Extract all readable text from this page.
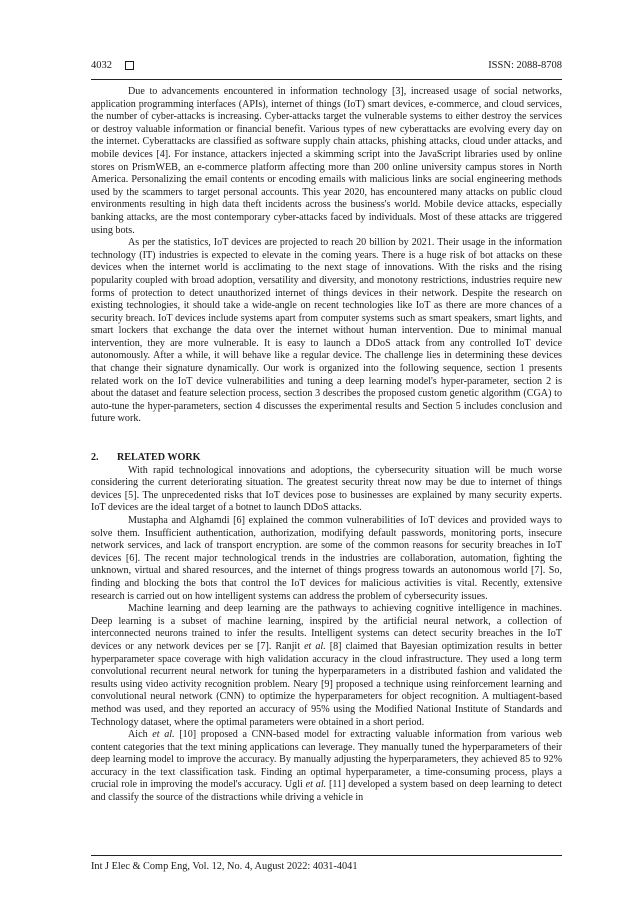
4032	ISSN: 2088-8708

Due to advancements encountered in information technology [3], increased usage of social networks, application programming interfaces (APIs), internet of things (IoT) smart devices, e-commerce, and cloud services, the number of cyber-attacks is increasing. Cyber-attacks target the vulnerable systems to either destroy the services or destroy valuable information or financial benefit. Various types of new cyberattacks are evolving every day on the internet. Cyberattacks are classified as software supply chain attacks, phishing attacks, cloud under attacks, and mobile devices [4]. For instance, attackers injected a skimming script into the JavaScript libraries used by online stores on PrismWEB, an e-commerce platform affecting more than 200 online university campus stores in North America. Personalizing the email contents or encoding emails with malicious links are social engineering methods used by the scammers to target personal accounts. This year 2020, has encountered many attacks on public cloud environments resulting in high data theft incidents across the business's world. Mobile device attacks, especially banking attacks, are the most contemporary cyber-attacks faced by individuals. Most of these attacks are triggered using bots.

As per the statistics, IoT devices are projected to reach 20 billion by 2021. Their usage in the information technology (IT) industries is expected to elevate in the coming years. There is a huge risk of bot attacks on these devices when the internet world is acclimating to the next stage of innovations. With the risks and the rising popularity coupled with broad adoption, versatility and diversity, and monotony restrictions, industries require new forms of protection to detect unauthorized internet of things devices in their network. Despite the research on existing technologies, it should take a wide-angle on recent technologies like IoT as there are more chances of a security breach. IoT devices include systems apart from computer systems such as smart speakers, smart lights, and smart lockers that exchange the data over the internet without human intervention. Due to minimal manual intervention, they are more vulnerable. It is easy to launch a DDoS attack from any controlled IoT device autonomously. After a while, it will behave like a regular device. The challenge lies in determining these devices that change their signature dynamically. Our work is organized into the following sequence, section 1 presents related work on the IoT device vulnerabilities and tuning a deep learning model's hyper-parameter, section 2 is about the dataset and feature selection process, section 3 describes the proposed custom genetic algorithm (CGA) to auto-tune the hyper-parameters, section 4 discusses the experimental results and Section 5 includes conclusion and future work.

2. RELATED WORK

With rapid technological innovations and adoptions, the cybersecurity situation will be much worse considering the current deteriorating situation. The greatest security threat now may be due to internet of things devices [5]. The unprecedented risks that IoT devices pose to businesses are explained by many security experts. IoT devices are the ideal target of a botnet to launch DDoS attacks.

Mustapha and Alghamdi [6] explained the common vulnerabilities of IoT devices and provided ways to solve them. Insufficient authentication, authorization, modifying default passwords, monitoring ports, insecure network services, and lack of transport encryption. are some of the common reasons for security breaches in IoT devices [6]. The recent major technological trends in the industries are collaboration, automation, fighting the unknown, virtual and shared resources, and the internet of things progress towards an autonomous world [7]. So, finding and blocking the bots that control the IoT devices for malicious activities is vital. Recently, extensive research is carried out on how intelligent systems can address the problem of cybersecurity issues.

Machine learning and deep learning are the pathways to achieving cognitive intelligence in machines. Deep learning is a subset of machine learning, inspired by the artificial neural network, a collection of interconnected neurons trained to infer the results. Intelligent systems can detect security breaches in the IoT devices or any network devices per se [7]. Ranjit et al. [8] claimed that Bayesian optimization results in better hyperparameter space coverage with high validation accuracy in the cloud infrastructure. They used a long term convolutional recurrent neural network for tuning the hyperparameters in a distributed fashion and validated the results using video activity recognition problem. Neary [9] proposed a technique using reinforcement learning and convolutional neural network (CNN) to optimize the hyperparameters for object recognition. A multiagent-based method was used, and they reported an accuracy of 95% using the Modified National Institute of Standards and Technology dataset, where the optimal parameters were obtained in a short period.

Aich et al. [10] proposed a CNN-based model for extracting valuable information from various web content categories that the text mining applications can leverage. They manually tuned the hyperparameters of their deep learning model to improve the accuracy. By manually adjusting the hyperparameters, they achieved 85 to 92% accuracy in the text classification task. Finding an optimal hyperparameter, a time-consuming process, plays a crucial role in improving the model's accuracy. Ugli et al. [11] developed a system based on deep learning to detect and classify the source of the distractions while driving a vehicle in

Int J Elec & Comp Eng, Vol. 12, No. 4, August 2022: 4031-4041
